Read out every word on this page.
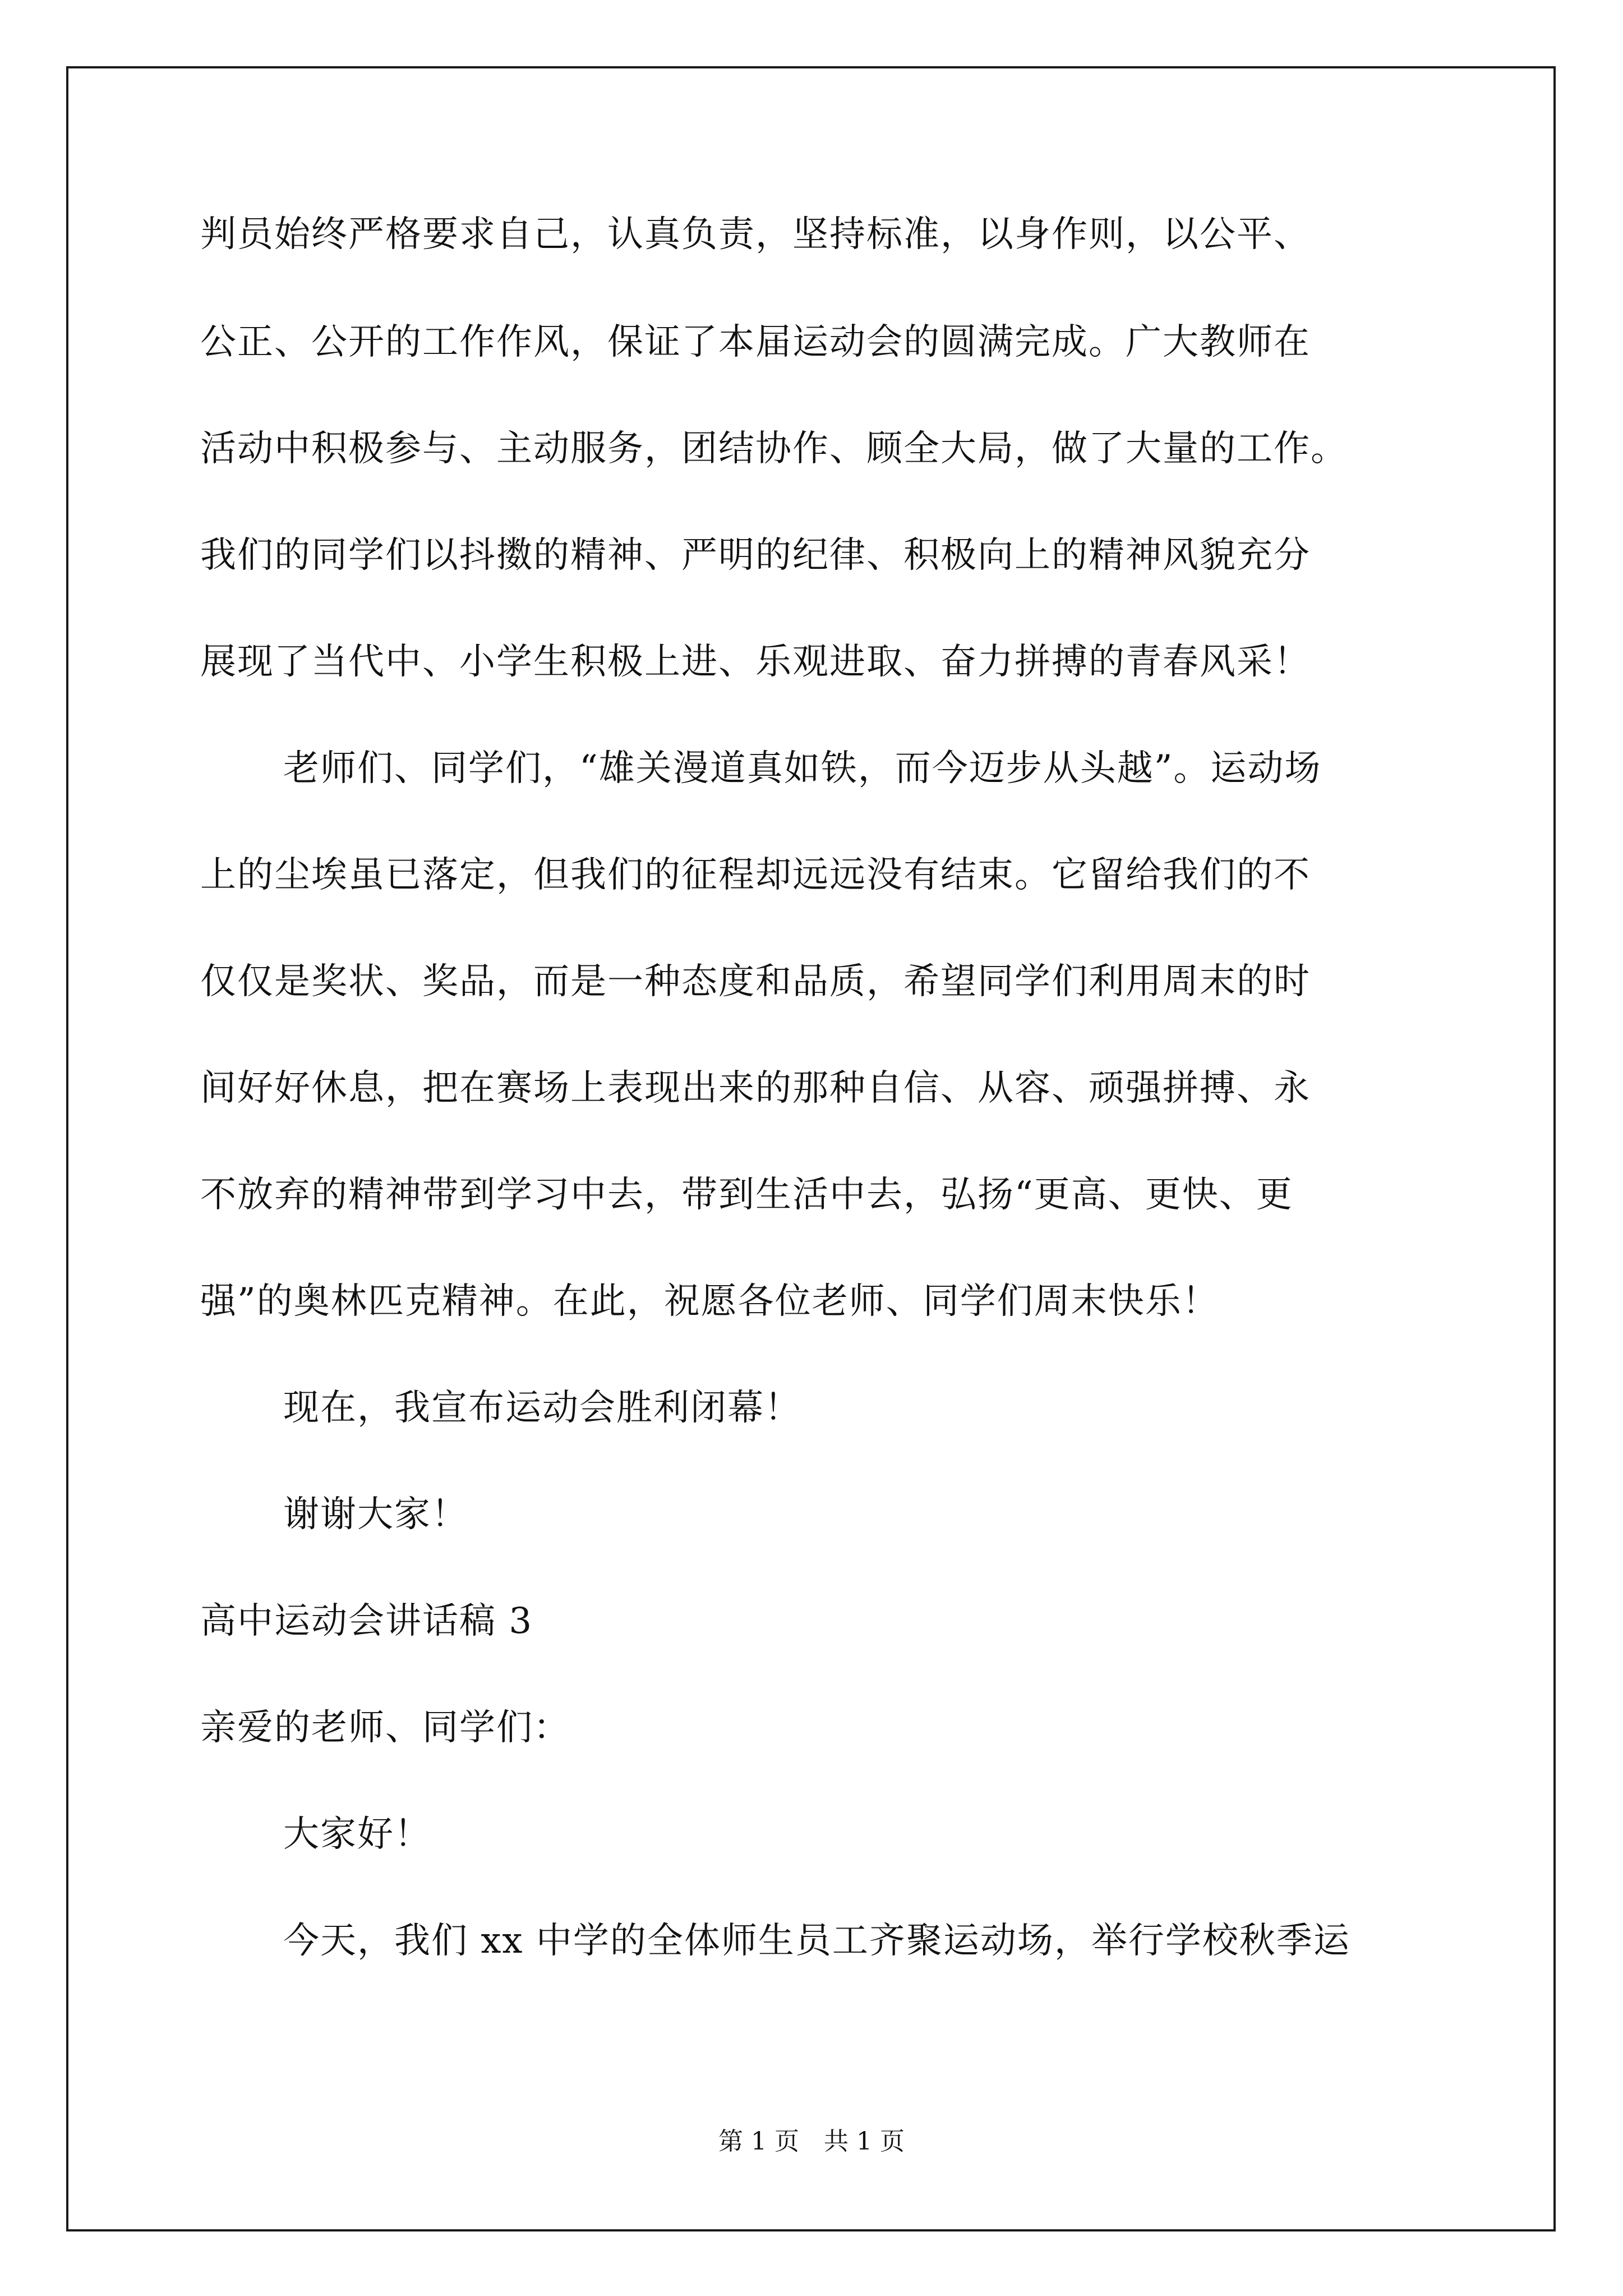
判员始终严格要求自己，认真负责，坚持标准，以身作则，以公平、
公正、公开的工作作风，保证了本届运动会的圆满完成。广大教师在
活动中积极参与、主动服务，团结协作、顾全大局，做了大量的工作。
我们的同学们以抖擞的精神、严明的纪律、积极向上的精神风貌充分
展现了当代中、小学生积极上进、乐观进取、奋力拼搏的青春风采！
老师们、同学们，“雄关漫道真如铁，而今迈步从头越”。运动场
上的尘埃虽已落定，但我们的征程却远远没有结束。它留给我们的不
仅仅是奖状、奖品，而是一种态度和品质，希望同学们利用周末的时
间好好休息，把在赛场上表现出来的那种自信、从容、顽强拼搏、永
不放弃的精神带到学习中去，带到生活中去，弘扬“更高、更快、更
强”的奥林匹克精神。在此，祝愿各位老师、同学们周末快乐！
现在，我宣布运动会胜利闭幕！
谢谢大家！
高中运动会讲话稿 3
亲爱的老师、同学们：
大家好！
今天，我们 xx 中学的全体师生员工齐聚运动场，举行学校秋季运
第 1 页　共 1 页
